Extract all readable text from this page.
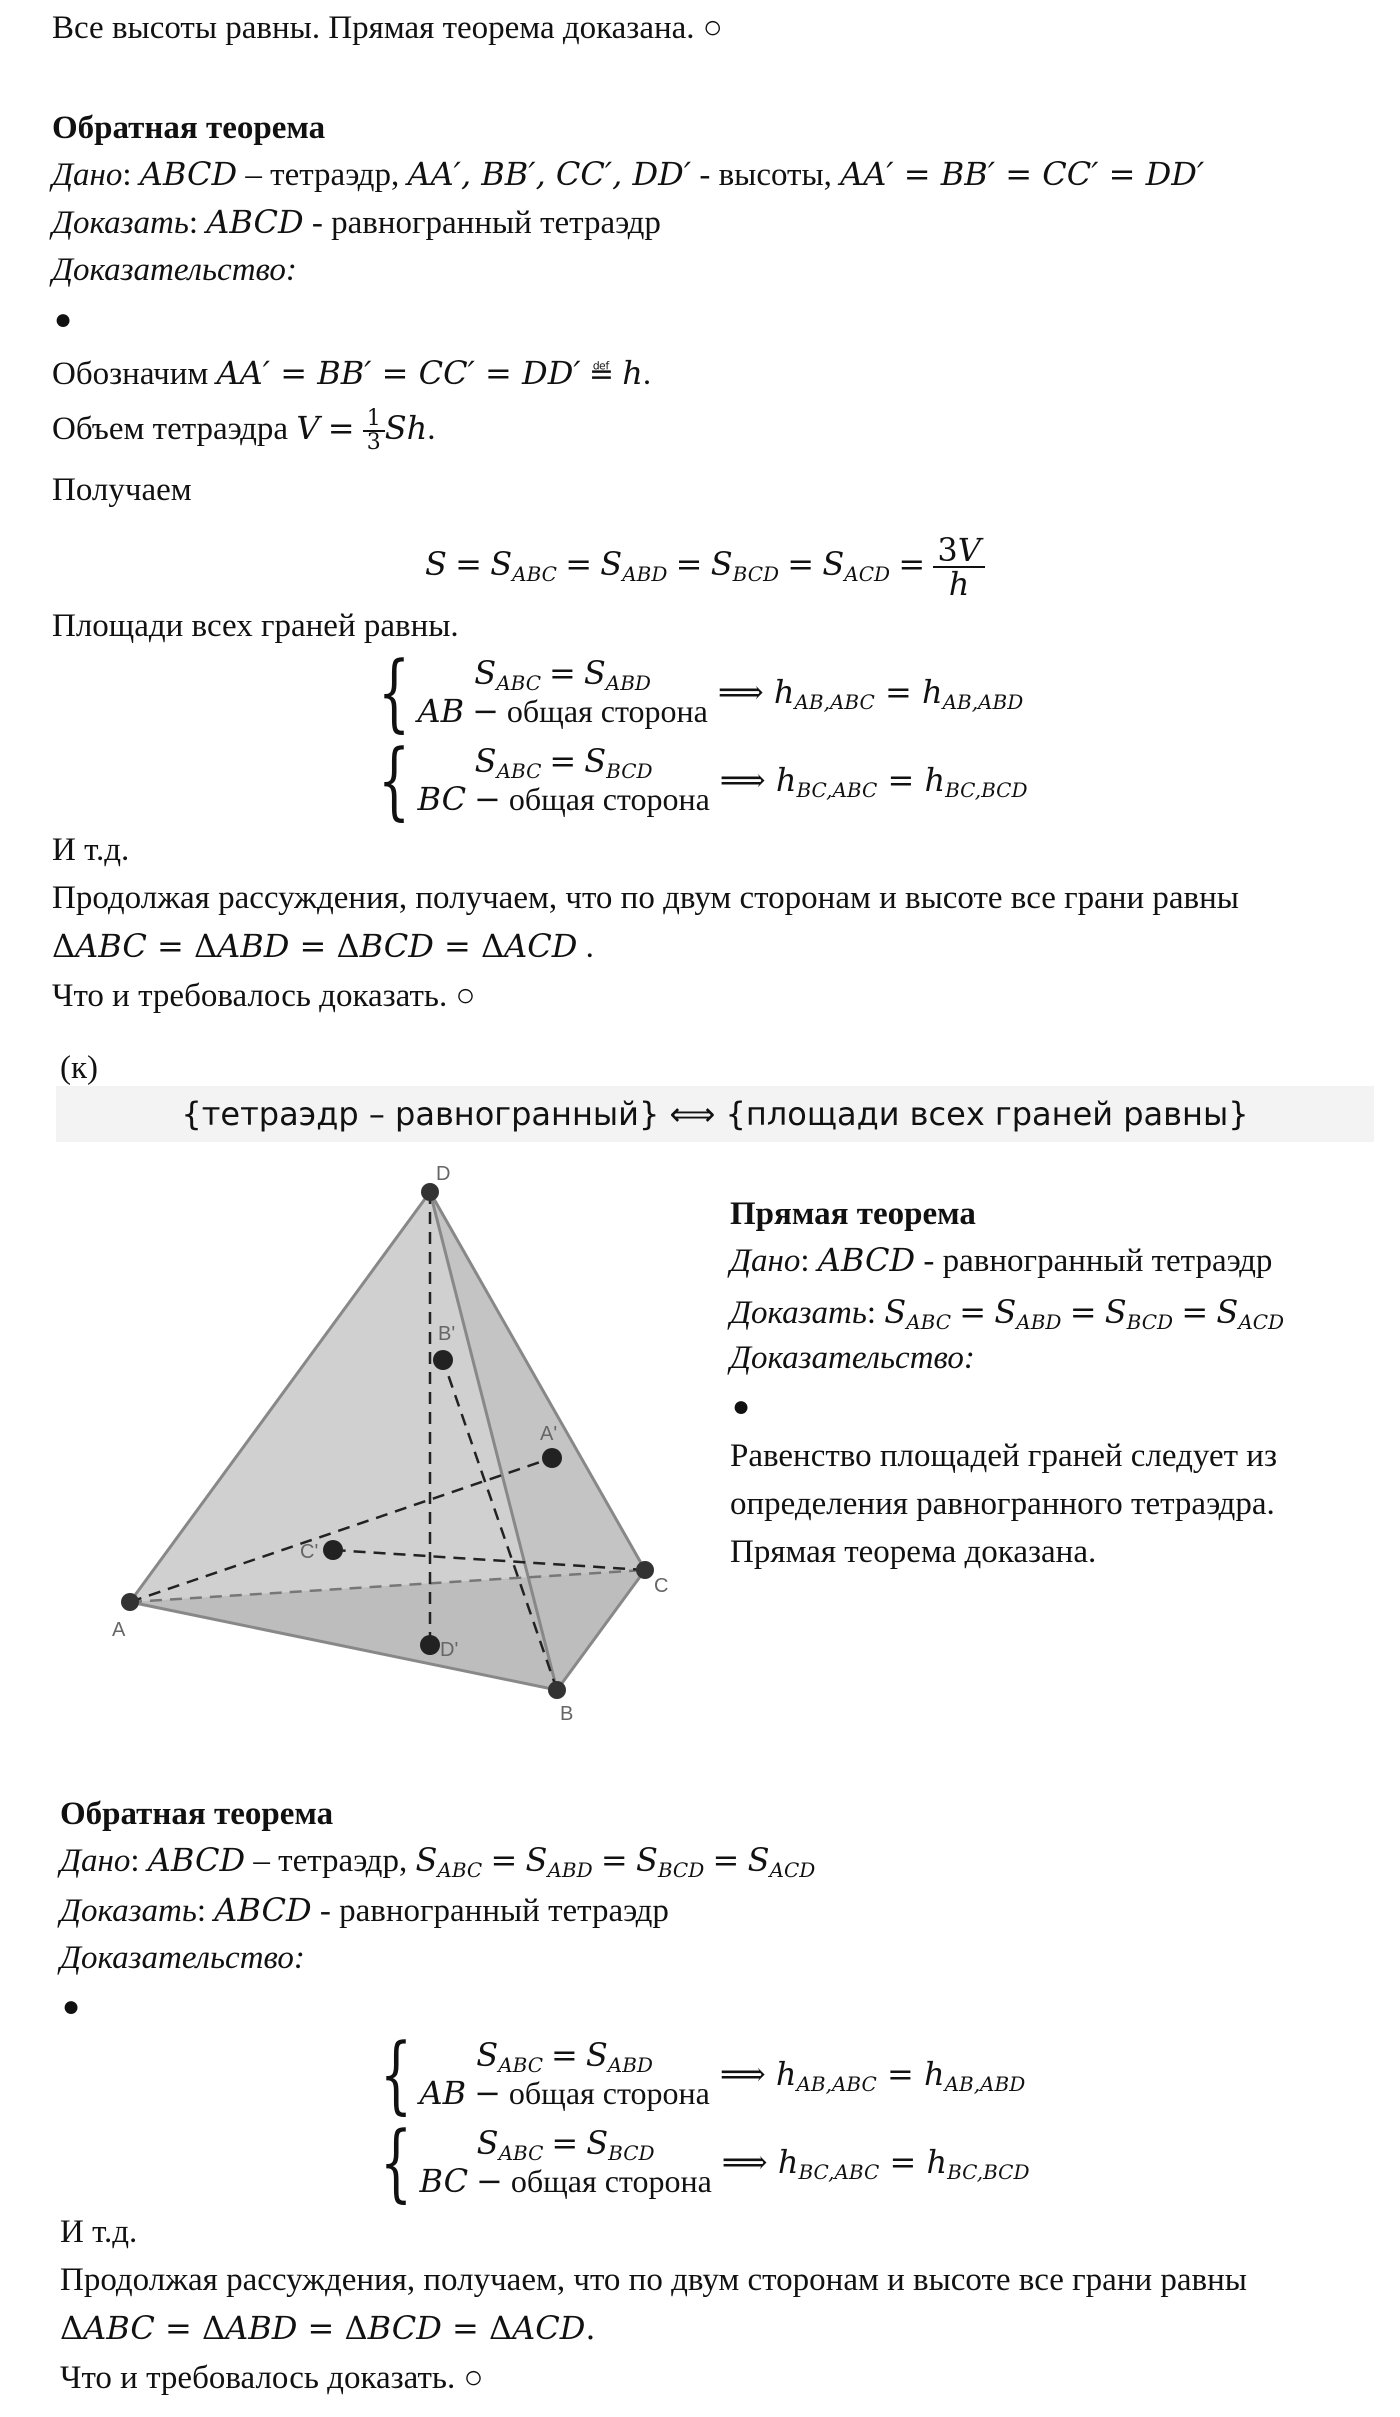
Все высоты равны. Прямая теорема доказана. ○
Обратная теорема
Дано: ABCD – тетраэдр, AA′, BB′, CC′, DD′ - высоты, AA′ = BB′ = CC′ = DD′
Доказать: ABCD - равногранный тетраэдр
Доказательство:
●
Обозначим AA′ = BB′ = CC′ = DD′ ≝ h.
Объем тетраэдра $V = \frac{1}{3} Sh$.
Получаем
$S = S_{ABC} = S_{ABD} = S_{BCD} = S_{ACD} = \frac{3V}{h}$
Площади всех граней равны.
{	$S_{ABC} = S_{ABD}$
AB − общая сторона ⟹ $h_{AB,ABC} = h_{AB,ABD}$
{	$S_{ABC} = S_{BCD}$
BC − общая сторона ⟹ $h_{BC,ABC} = h_{BC,BCD}$
И т.д.
Продолжая рассуждения, получаем, что по двум сторонам и высоте все грани равны
ΔABC = ΔABD = ΔBCD = ΔACD .
Что и требовалось доказать. ○
(к)
{тетраэдр – равногранный} ⟺ {площади всех граней равны}
D
B'
A'
C'
A
C
D'
B
Прямая теорема
Дано: ABCD - равногранный тетраэдр
Доказать: $S_{ABC} = S_{ABD} = S_{BCD} = S_{ACD}$
Доказательство:
●
Равенство площадей граней следует из
определения равногранного тетраэдра.
Прямая теорема доказана.
Обратная теорема
Дано: ABCD – тетраэдр, $S_{ABC} = S_{ABD} = S_{BCD} = S_{ACD}$
Доказать: ABCD - равногранный тетраэдр
Доказательство:
●
{	$S_{ABC} = S_{ABD}$
AB − общая сторона ⟹ $h_{AB,ABC} = h_{AB,ABD}$
{	$S_{ABC} = S_{BCD}$
BC − общая сторона ⟹ $h_{BC,ABC} = h_{BC,BCD}$
И т.д.
Продолжая рассуждения, получаем, что по двум сторонам и высоте все грани равны
ΔABC = ΔABD = ΔBCD = ΔACD.
Что и требовалось доказать. ○
